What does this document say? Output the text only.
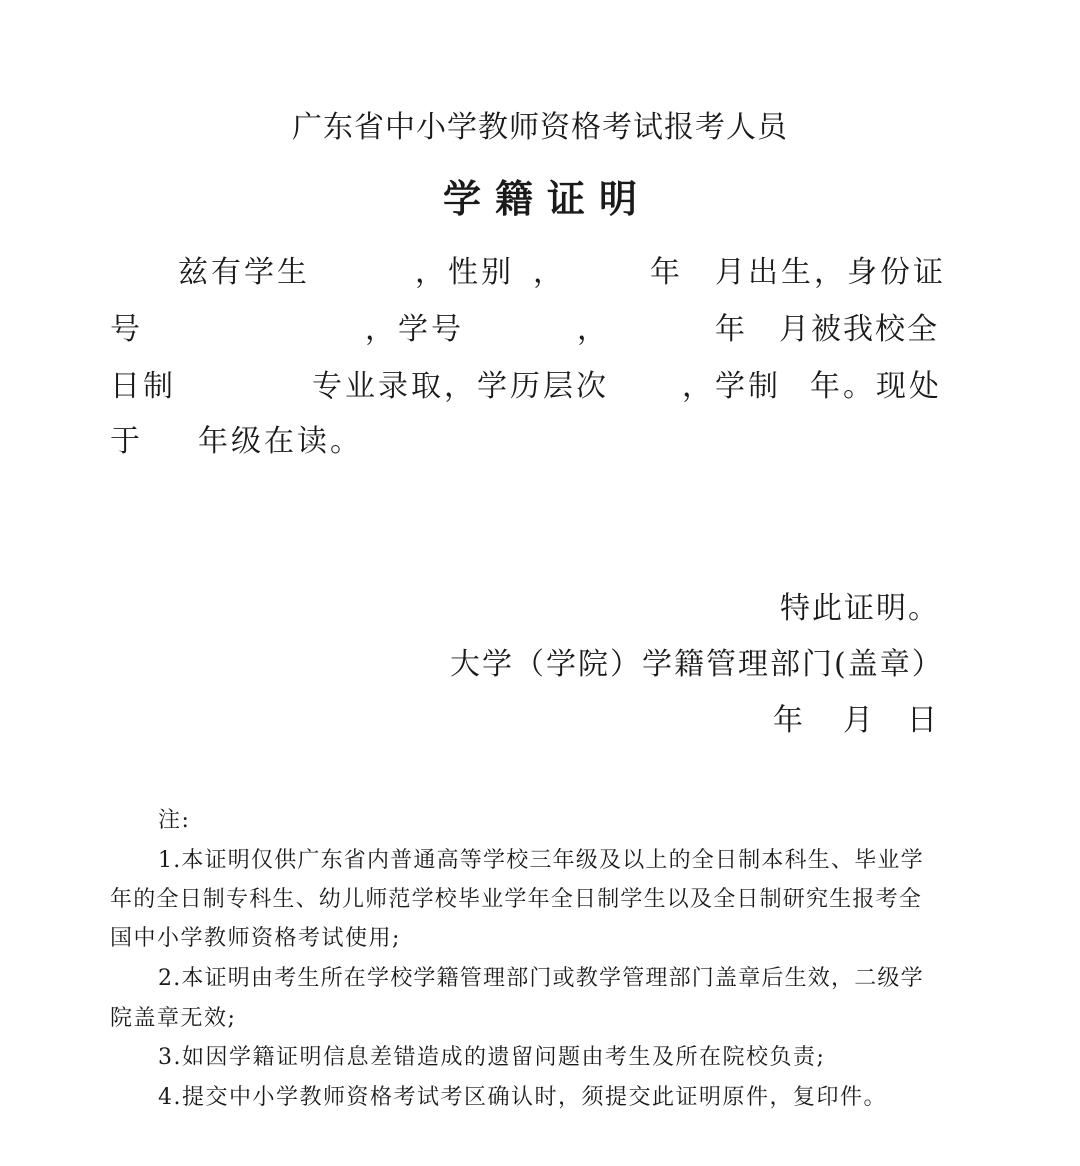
广东省中小学教师资格考试报考人员
学籍证明
兹有学生	，性别 ，	年 月出生，身份证
号	，学号	，	年 月被我校全
日制	专业录取，学历层次 ，学制 年。现处
于 年级在读。
特此证明。
大学（学院）学籍管理部门(盖章）
年 月 日
注:
1.本证明仅供广东省内普通高等学校三年级及以上的全日制本科生、毕业学
年的全日制专科生、幼儿师范学校毕业学年全日制学生以及全日制研究生报考全
国中小学教师资格考试使用;
2.本证明由考生所在学校学籍管理部门或教学管理部门盖章后生效，二级学
院盖章无效;
3.如因学籍证明信息差错造成的遗留问题由考生及所在院校负责;
4.提交中小学教师资格考试考区确认时，须提交此证明原件，复印件。
